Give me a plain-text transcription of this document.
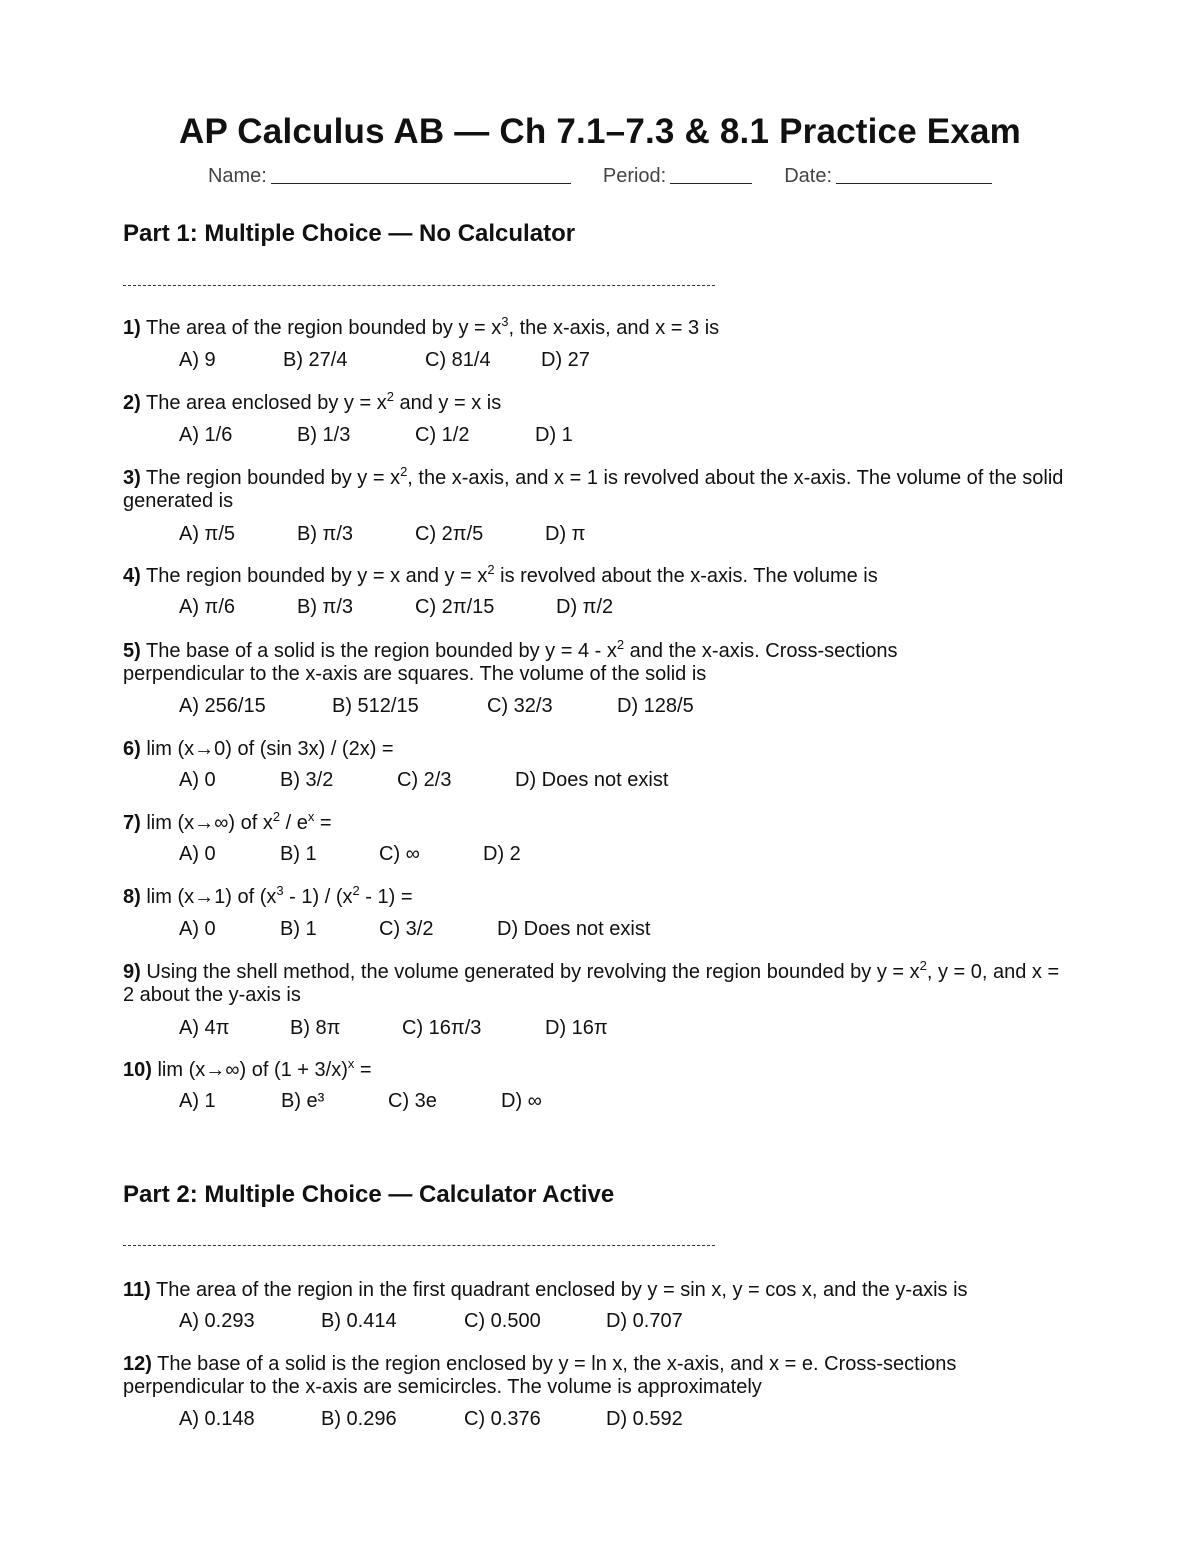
AP Calculus AB — Ch 7.1–7.3 & 8.1 Practice Exam
Name:	Period:	Date:
Part 1: Multiple Choice — No Calculator
1) The area of the region bounded by $y = x^3$, the x-axis, and x = 3 is
A) 9	B) 27/4	C) 81/4	D) 27
2) The area enclosed by $y = x^2$ and y = x is
A) 1/6	B) 1/3	C) 1/2	D) 1
3) The region bounded by $y = x^2$, the x-axis, and x = 1 is revolved about the x-axis. The volume of the solid generated is
A) π/5	B) π/3	C) 2π/5	D) π
4) The region bounded by y = x and $y = x^2$ is revolved about the x-axis. The volume is
A) π/6	B) π/3	C) 2π/15	D) π/2
5) The base of a solid is the region bounded by $y = 4 - x^2$ and the x-axis. Cross-sections perpendicular to the x-axis are squares. The volume of the solid is
A) 256/15	B) 512/15	C) 32/3	D) 128/5
6) lim (x→0) of (sin 3x) / (2x) =
A) 0	B) 3/2	C) 2/3	D) Does not exist
7) lim (x→∞) of $x^2 / e^x$ =
A) 0	B) 1	C) ∞	D) 2
8) lim (x→1) of $(x^3 - 1) / (x^2 - 1)$ =
A) 0	B) 1	C) 3/2	D) Does not exist
9) Using the shell method, the volume generated by revolving the region bounded by $y = x^2$, y = 0, and x = 2 about the y-axis is
A) 4π	B) 8π	C) 16π/3	D) 16π
10) lim (x→∞) of $(1 + 3/x)^x$ =
A) 1	B) e³	C) 3e	D) ∞
Part 2: Multiple Choice — Calculator Active
11) The area of the region in the first quadrant enclosed by y = sin x, y = cos x, and the y-axis is
A) 0.293	B) 0.414	C) 0.500	D) 0.707
12) The base of a solid is the region enclosed by y = ln x, the x-axis, and x = e. Cross-sections perpendicular to the x-axis are semicircles. The volume is approximately
A) 0.148	B) 0.296	C) 0.376	D) 0.592
